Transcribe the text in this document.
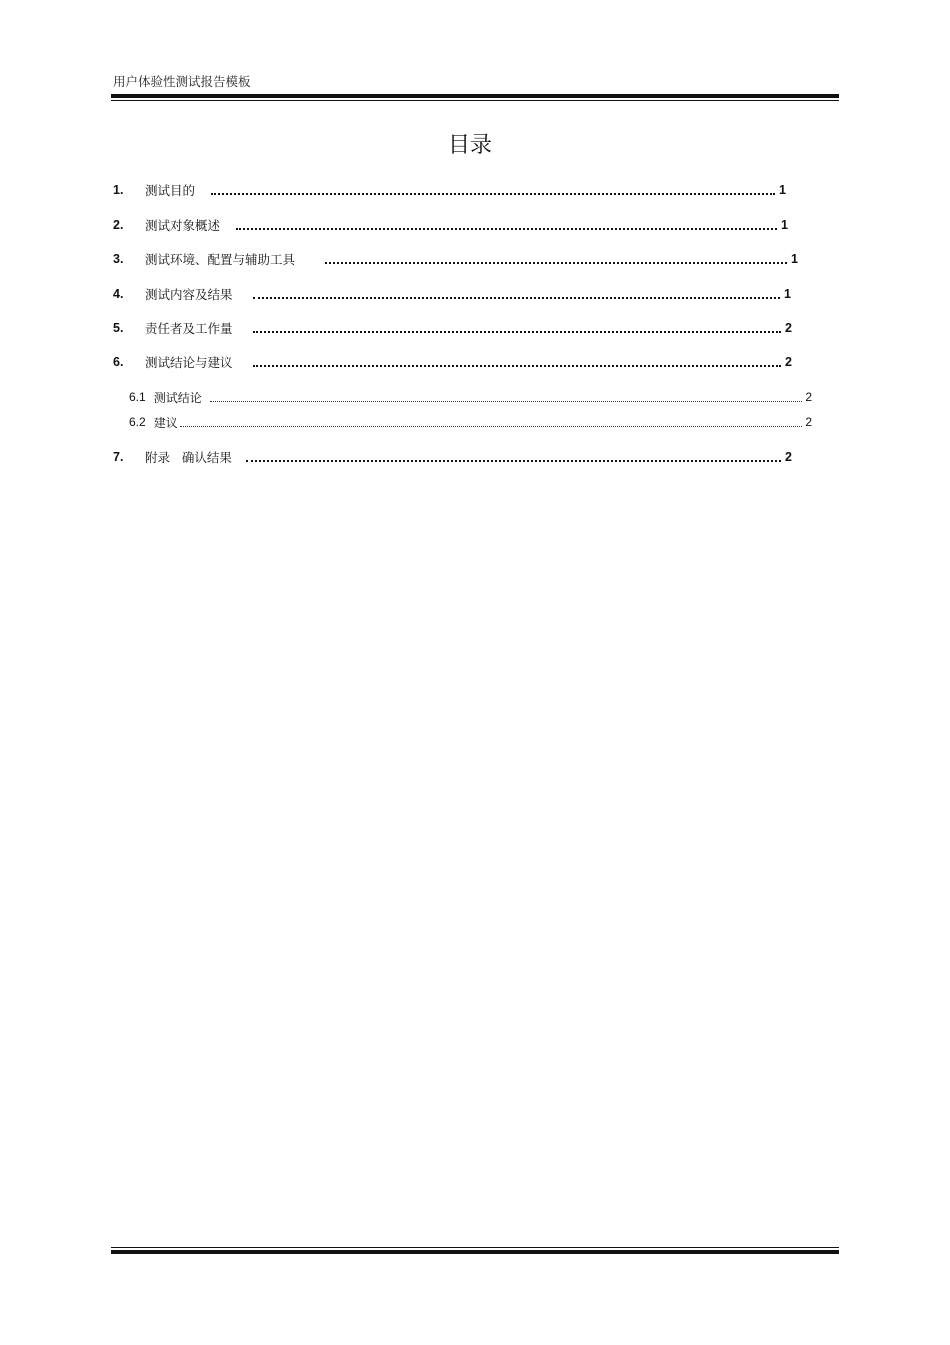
用户体验性测试报告模板
目录
1.	测试目的	1
2.	测试对象概述	1
3.	测试环境、配置与辅助工具	1
4.	测试内容及结果	1
5.	责任者及工作量	2
6.	测试结论与建议	2
6.1 测试结论	2
6.2 建议	2
7.	附录   确认结果	2
